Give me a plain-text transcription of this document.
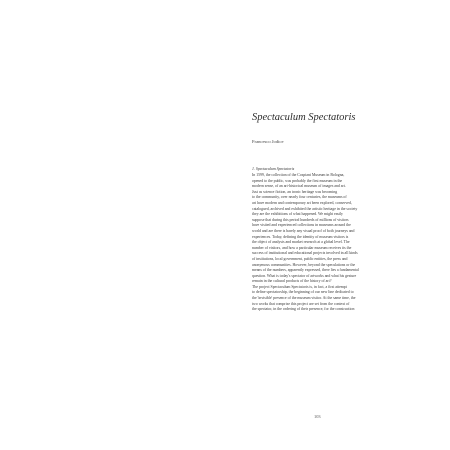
Spectaculum Spectatoris

Francesco Jodice

1. Spectaculum Spectatoris

In 1599, the collection of the Cospiani Museum in Bologna,
opened to the public, was probably the first museum in the
modern sense, of an art-historical museum of images and art.
Just as science fiction, an ironic heritage was becoming
to the community, over nearly four centuries, the museums of
art have modern and contemporary art been explored, conserved,
catalogued, archived and exhibited the artistic heritage in the society
they are the exhibitions of what happened. We might easily
suppose that during this period hundreds of millions of visitors
have visited and experienced collections in museums around the
world and are there is barely any visual proof of both journeys and
experiences. Today, defining the identity of museum visitors is
the object of analysis and market research at a global level. The
number of visitors, and how a particular museum receives its the
success of institutional and educational projects involved in all kinds
of institutions, local government, public entities, the press and
anonymous communities. However, beyond the speculations or the
means of the numbers, apparently expressed, there lies a fundamental
question. What is today's spectator of artworks and what his gesture
remain in the cultural products of the history of art?
The project Spectaculum Spectatoris is, in fact, a first attempt
to define spectatorship, the beginning of our new line dedicated to
the 'invisible' presence of the museum visitor. At the same time, the
two works that comprise this project are set from the context of
the spectator, in the ordering of their presence, for the construction

103
